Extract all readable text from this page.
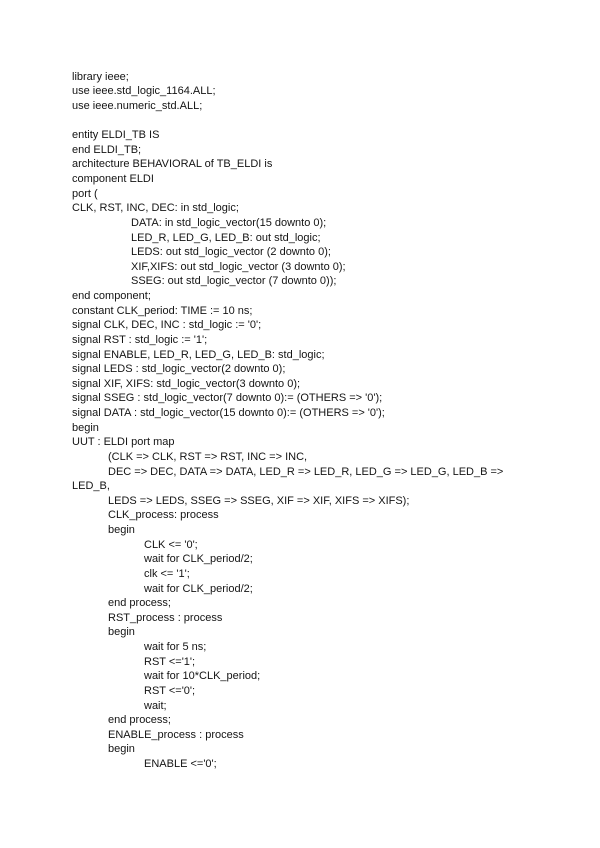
library ieee;
use ieee.std_logic_1164.ALL;
use ieee.numeric_std.ALL;
entity ELDI_TB IS
end ELDI_TB;
architecture BEHAVIORAL of TB_ELDI is
component ELDI
port (
CLK, RST, INC, DEC: in std_logic;
DATA: in std_logic_vector(15 downto 0);
LED_R, LED_G, LED_B: out std_logic;
LEDS: out std_logic_vector (2 downto 0);
XIF,XIFS: out std_logic_vector (3 downto 0);
SSEG: out std_logic_vector (7 downto 0));
end component;
constant CLK_period: TIME := 10 ns;
signal CLK, DEC, INC : std_logic := '0';
signal RST : std_logic := '1';
signal ENABLE, LED_R, LED_G, LED_B: std_logic;
signal LEDS : std_logic_vector(2 downto 0);
signal XIF, XIFS: std_logic_vector(3 downto 0);
signal SSEG : std_logic_vector(7 downto 0):= (OTHERS => '0');
signal DATA : std_logic_vector(15 downto 0):= (OTHERS => '0');
begin
UUT : ELDI port map
(CLK => CLK, RST => RST, INC => INC,
DEC => DEC, DATA => DATA, LED_R => LED_R, LED_G => LED_G, LED_B =>
LED_B,
LEDS => LEDS, SSEG => SSEG, XIF => XIF, XIFS => XIFS);
CLK_process: process
begin
CLK <= '0';
wait for CLK_period/2;
clk <= '1';
wait for CLK_period/2;
end process;
RST_process : process
begin
wait for 5 ns;
RST <='1';
wait for 10*CLK_period;
RST <='0';
wait;
end process;
ENABLE_process : process
begin
ENABLE <='0';
